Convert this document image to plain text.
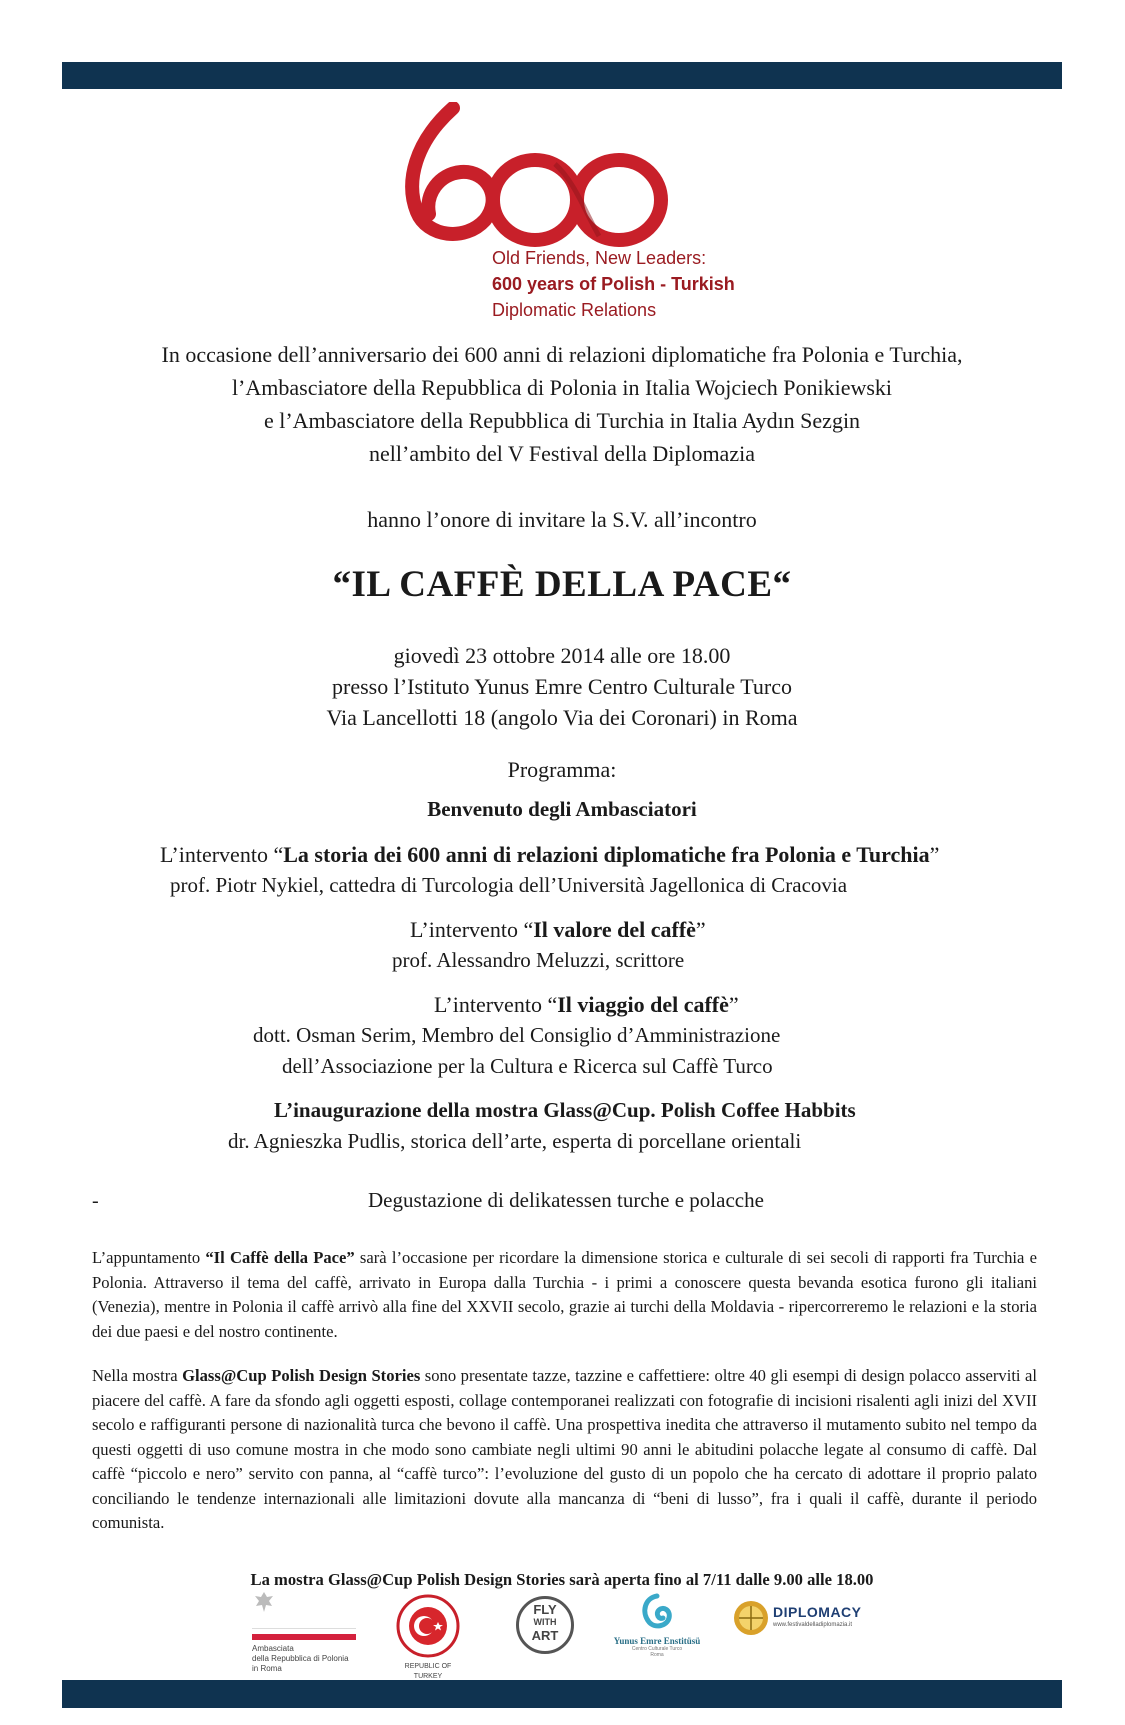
Old Friends, New Leaders:
600 years of Polish - Turkish
Diplomatic Relations
In occasione dell’anniversario dei 600 anni di relazioni diplomatiche fra Polonia e Turchia,
l’Ambasciatore della Repubblica di Polonia in Italia Wojciech Ponikiewski
e l’Ambasciatore della Repubblica di Turchia in Italia Aydın Sezgin
nell’ambito del V Festival della Diplomazia
hanno l’onore di invitare la S.V. all’incontro
“IL CAFFÈ DELLA PACE“
giovedì 23 ottobre 2014 alle ore 18.00
presso l’Istituto Yunus Emre Centro Culturale Turco
Via Lancellotti 18 (angolo Via dei Coronari) in Roma
Programma:
Benvenuto degli Ambasciatori
L’intervento “La storia dei 600 anni di relazioni diplomatiche fra Polonia e Turchia”
prof. Piotr Nykiel, cattedra di Turcologia dell’Università Jagellonica di Cracovia
L’intervento “Il valore del caffè”
prof. Alessandro Meluzzi, scrittore
L’intervento “Il viaggio del caffè”
dott. Osman Serim, Membro del Consiglio d’Amministrazione
dell’Associazione per la Cultura e Ricerca sul Caffè Turco
L’inaugurazione della mostra Glass@Cup. Polish Coffee Habbits
dr. Agnieszka Pudlis, storica dell’arte, esperta di porcellane orientali
-	Degustazione di delikatessen turche e polacche
L’appuntamento “Il Caffè della Pace” sarà l’occasione per ricordare la dimensione storica e culturale di sei secoli di rapporti fra Turchia e Polonia. Attraverso il tema del caffè, arrivato in Europa dalla Turchia - i primi a conoscere questa bevanda esotica furono gli italiani (Venezia), mentre in Polonia il caffè arrivò alla fine del XXVII secolo, grazie ai turchi della Moldavia - ripercorreremo le relazioni e la storia dei due paesi e del nostro continente.
Nella mostra Glass@Cup Polish Design Stories sono presentate tazze, tazzine e caffettiere: oltre 40 gli esempi di design polacco asserviti al piacere del caffè. A fare da sfondo agli oggetti esposti, collage contemporanei realizzati con fotografie di incisioni risalenti agli inizi del XVII secolo e raffiguranti persone di nazionalità turca che bevono il caffè. Una prospettiva inedita che attraverso il mutamento subito nel tempo da questi oggetti di uso comune mostra in che modo sono cambiate negli ultimi 90 anni le abitudini polacche legate al consumo di caffè. Dal caffè “piccolo e nero” servito con panna, al “caffè turco”: l’evoluzione del gusto di un popolo che ha cercato di adottare il proprio palato conciliando le tendenze internazionali alle limitazioni dovute alla mancanza di “beni di lusso”, fra i quali il caffè, durante il periodo comunista.
La mostra Glass@Cup Polish Design Stories sarà aperta fino al 7/11 dalle 9.00 alle 18.00
Ambasciata
della Repubblica di Polonia
in Roma	REPUBLIC OF TURKEY
FLY
WITH
ART	Yunus Emre Enstitüsü
Centro Culturale Turco
Roma
DIPLOMACY
www.festivaldelladiplomazia.it
